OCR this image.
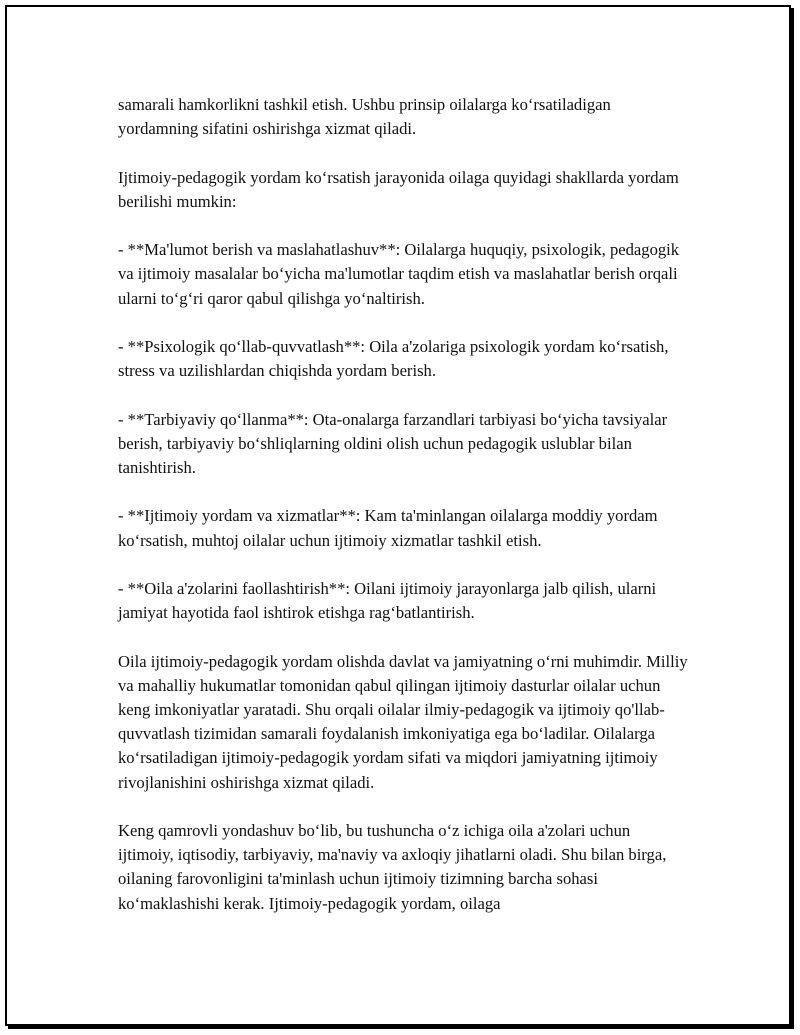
samarali hamkorlikni tashkil etish. Ushbu prinsip oilalarga ko‘rsatiladigan yordamning sifatini oshirishga xizmat qiladi.

Ijtimoiy-pedagogik yordam ko‘rsatish jarayonida oilaga quyidagi shakllarda yordam berilishi mumkin:

- **Ma'lumot berish va maslahatlashuv**: Oilalarga huquqiy, psixologik, pedagogik va ijtimoiy masalalar bo‘yicha ma'lumotlar taqdim etish va maslahatlar berish orqali ularni to‘g‘ri qaror qabul qilishga yo‘naltirish.

- **Psixologik qo‘llab-quvvatlash**: Oila a'zolariga psixologik yordam ko‘rsatish, stress va uzilishlardan chiqishda yordam berish.

- **Tarbiyaviy qo‘llanma**: Ota-onalarga farzandlari tarbiyasi bo‘yicha tavsiyalar berish, tarbiyaviy bo‘shliqlarning oldini olish uchun pedagogik uslublar bilan tanishtirish.

- **Ijtimoiy yordam va xizmatlar**: Kam ta'minlangan oilalarga moddiy yordam ko‘rsatish, muhtoj oilalar uchun ijtimoiy xizmatlar tashkil etish.

- **Oila a'zolarini faollashtirish**: Oilani ijtimoiy jarayonlarga jalb qilish, ularni jamiyat hayotida faol ishtirok etishga rag‘batlantirish.

Oila ijtimoiy-pedagogik yordam olishda davlat va jamiyatning o‘rni muhimdir. Milliy va mahalliy hukumatlar tomonidan qabul qilingan ijtimoiy dasturlar oilalar uchun keng imkoniyatlar yaratadi. Shu orqali oilalar ilmiy-pedagogik va ijtimoiy qo'llab-quvvatlash tizimidan samarali foydalanish imkoniyatiga ega bo‘ladilar. Oilalarga ko‘rsatiladigan ijtimoiy-pedagogik yordam sifati va miqdori jamiyatning ijtimoiy rivojlanishini oshirishga xizmat qiladi.

Keng qamrovli yondashuv bo‘lib, bu tushuncha o‘z ichiga oila a'zolari uchun ijtimoiy, iqtisodiy, tarbiyaviy, ma'naviy va axloqiy jihatlarni oladi. Shu bilan birga, oilaning farovonligini ta'minlash uchun ijtimoiy tizimning barcha sohasi ko‘maklashishi kerak. Ijtimoiy-pedagogik yordam, oilaga
